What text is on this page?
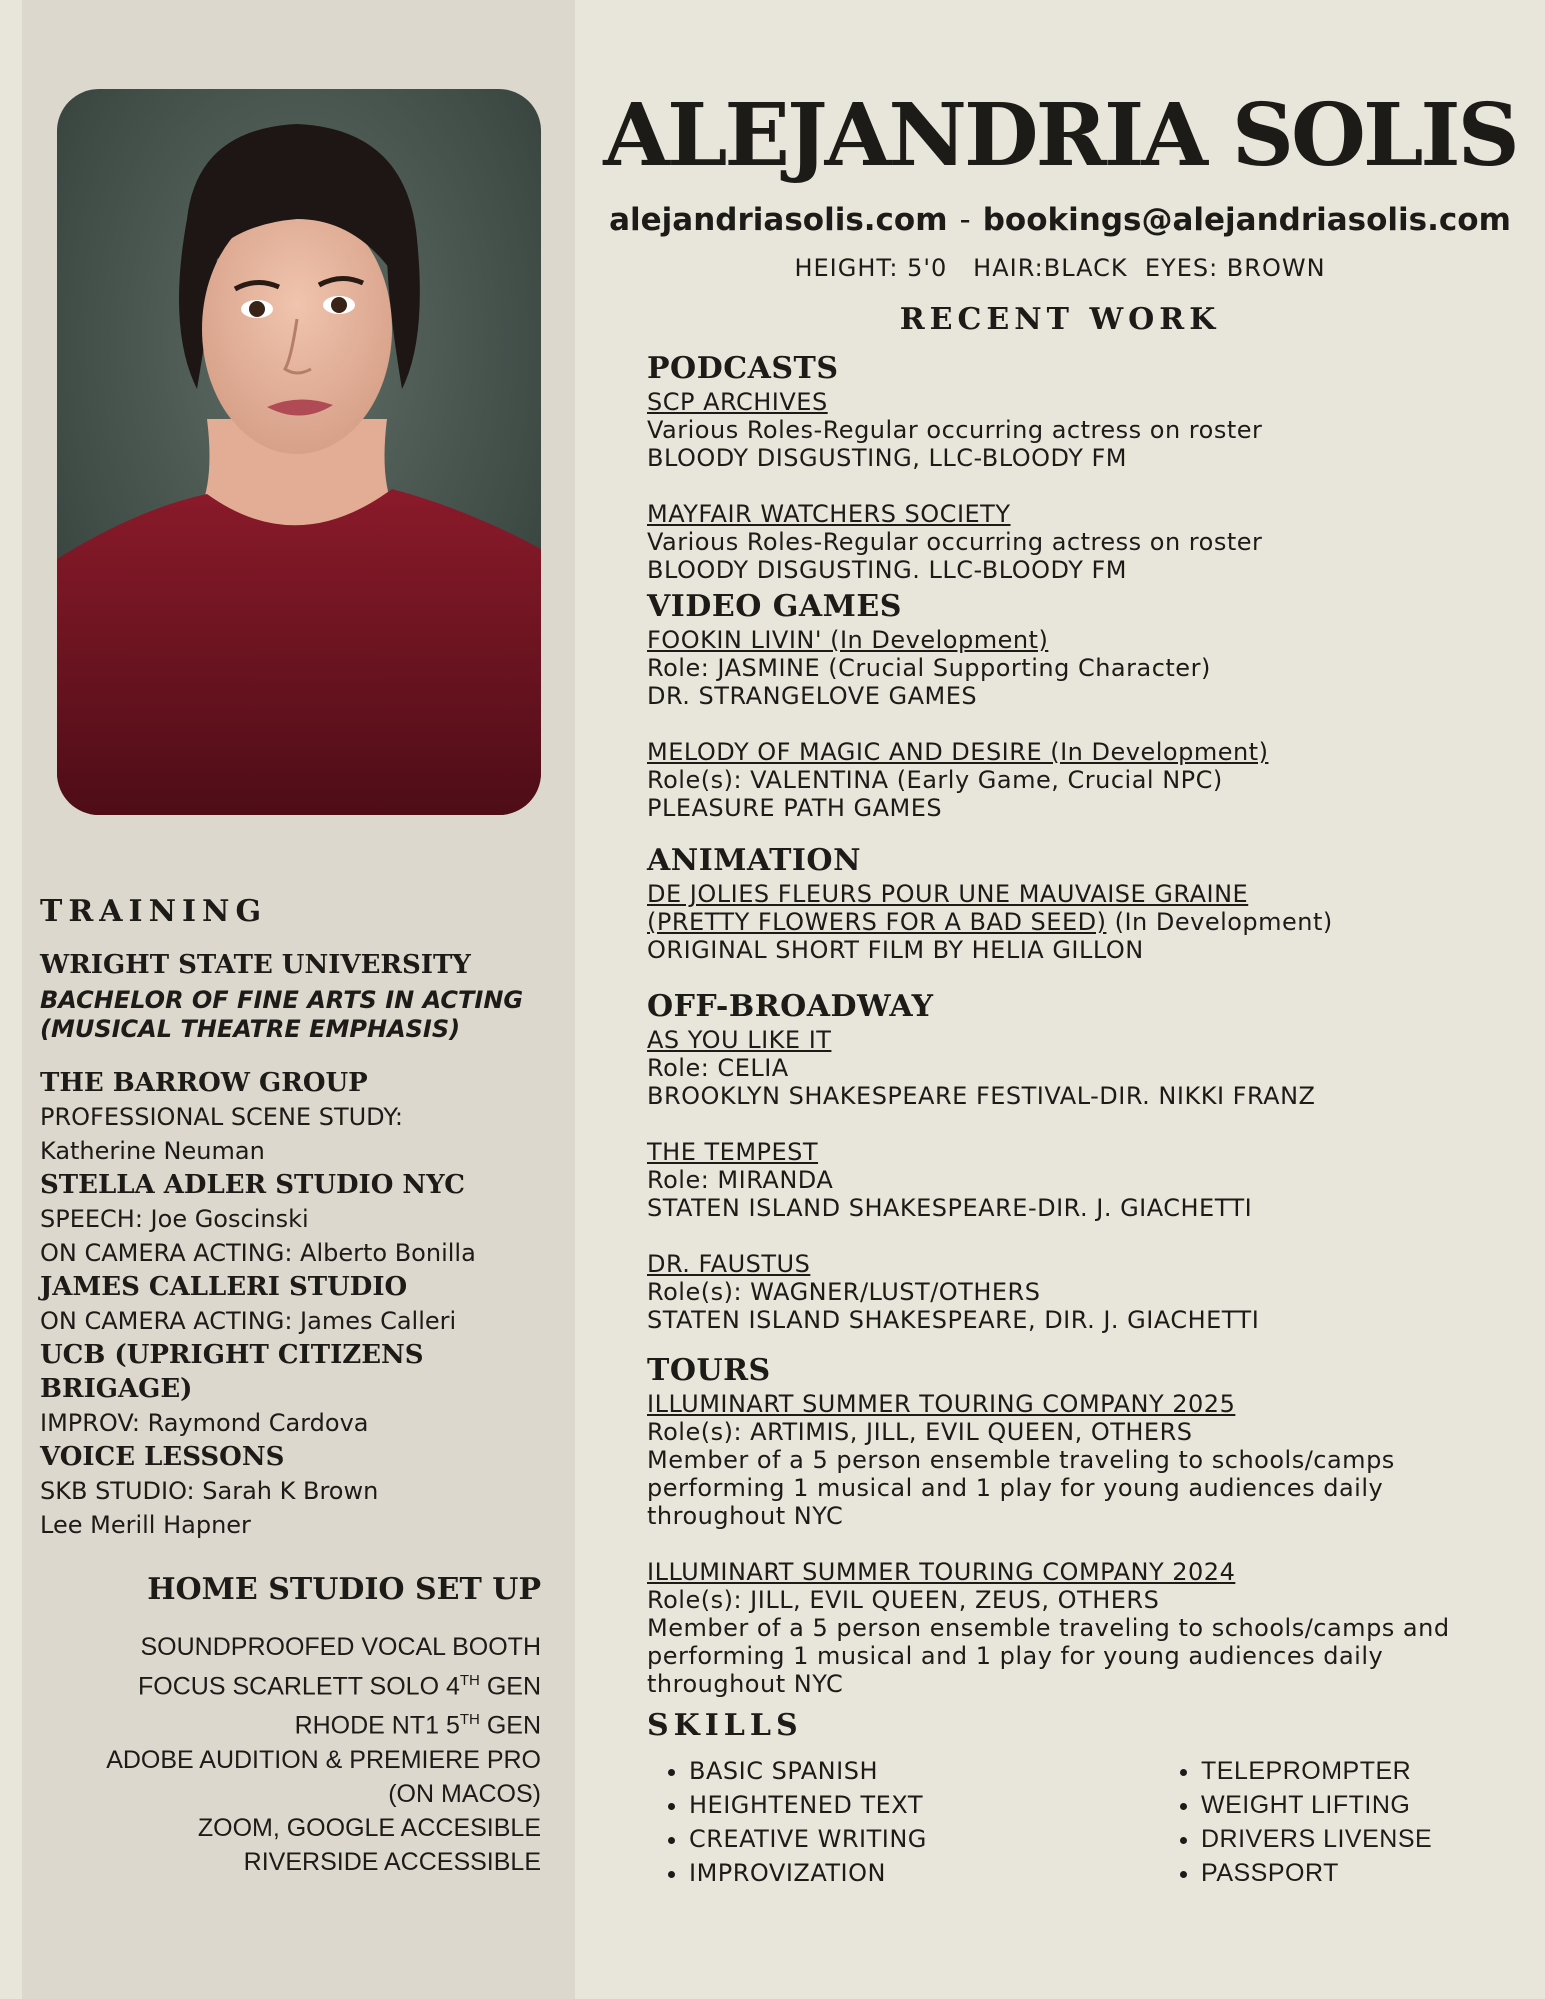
TRAINING
WRIGHT STATE UNIVERSITY
BACHELOR OF FINE ARTS IN ACTING
(MUSICAL THEATRE EMPHASIS)
THE BARROW GROUP
PROFESSIONAL SCENE STUDY:
Katherine Neuman
STELLA ADLER STUDIO NYC
SPEECH: Joe Goscinski
ON CAMERA ACTING: Alberto Bonilla
JAMES CALLERI STUDIO
ON CAMERA ACTING: James Calleri
UCB (UPRIGHT CITIZENS BRIGAGE)
IMPROV: Raymond Cardova
VOICE LESSONS
SKB STUDIO: Sarah K Brown
Lee Merill Hapner
HOME STUDIO SET UP
SOUNDPROOFED VOCAL BOOTH
FOCUS SCARLETT SOLO 4TH GEN
RHODE NT1 5TH GEN
ADOBE AUDITION & PREMIERE PRO
(ON MACOS)
ZOOM, GOOGLE ACCESIBLE
RIVERSIDE ACCESSIBLE
ALEJANDRIA SOLIS
alejandriasolis.com - bookings@alejandriasolis.com
HEIGHT: 5'0   HAIR:BLACK  EYES: BROWN
RECENT WORK
PODCASTS
SCP ARCHIVES
Various Roles-Regular occurring actress on roster
BLOODY DISGUSTING, LLC-BLOODY FM
MAYFAIR WATCHERS SOCIETY
Various Roles-Regular occurring actress on roster
BLOODY DISGUSTING. LLC-BLOODY FM
VIDEO GAMES
FOOKIN LIVIN' (In Development)
Role: JASMINE (Crucial Supporting Character)
DR. STRANGELOVE GAMES
MELODY OF MAGIC AND DESIRE (In Development)
Role(s): VALENTINA (Early Game, Crucial NPC)
PLEASURE PATH GAMES
ANIMATION
DE JOLIES FLEURS POUR UNE MAUVAISE GRAINE
(PRETTY FLOWERS FOR A BAD SEED) (In Development)
ORIGINAL SHORT FILM BY HELIA GILLON
OFF-BROADWAY
AS YOU LIKE IT
Role: CELIA
BROOKLYN SHAKESPEARE FESTIVAL-DIR. NIKKI FRANZ
THE TEMPEST
Role: MIRANDA
STATEN ISLAND SHAKESPEARE-DIR. J. GIACHETTI
DR. FAUSTUS
Role(s): WAGNER/LUST/OTHERS
STATEN ISLAND SHAKESPEARE, DIR. J. GIACHETTI
TOURS
ILLUMINART SUMMER TOURING COMPANY 2025
Role(s): ARTIMIS, JILL, EVIL QUEEN, OTHERS
Member of a 5 person ensemble traveling to schools/camps
performing 1 musical and 1 play for young audiences daily
throughout NYC
ILLUMINART SUMMER TOURING COMPANY 2024
Role(s): JILL, EVIL QUEEN, ZEUS, OTHERS
Member of a 5 person ensemble traveling to schools/camps and
performing 1 musical and 1 play for young audiences daily
throughout NYC
SKILLS
• BASIC SPANISH
• HEIGHTENED TEXT
• CREATIVE WRITING
• IMPROVIZATION
• TELEPROMPTER
• WEIGHT LIFTING
• DRIVERS LIVENSE
• PASSPORT
